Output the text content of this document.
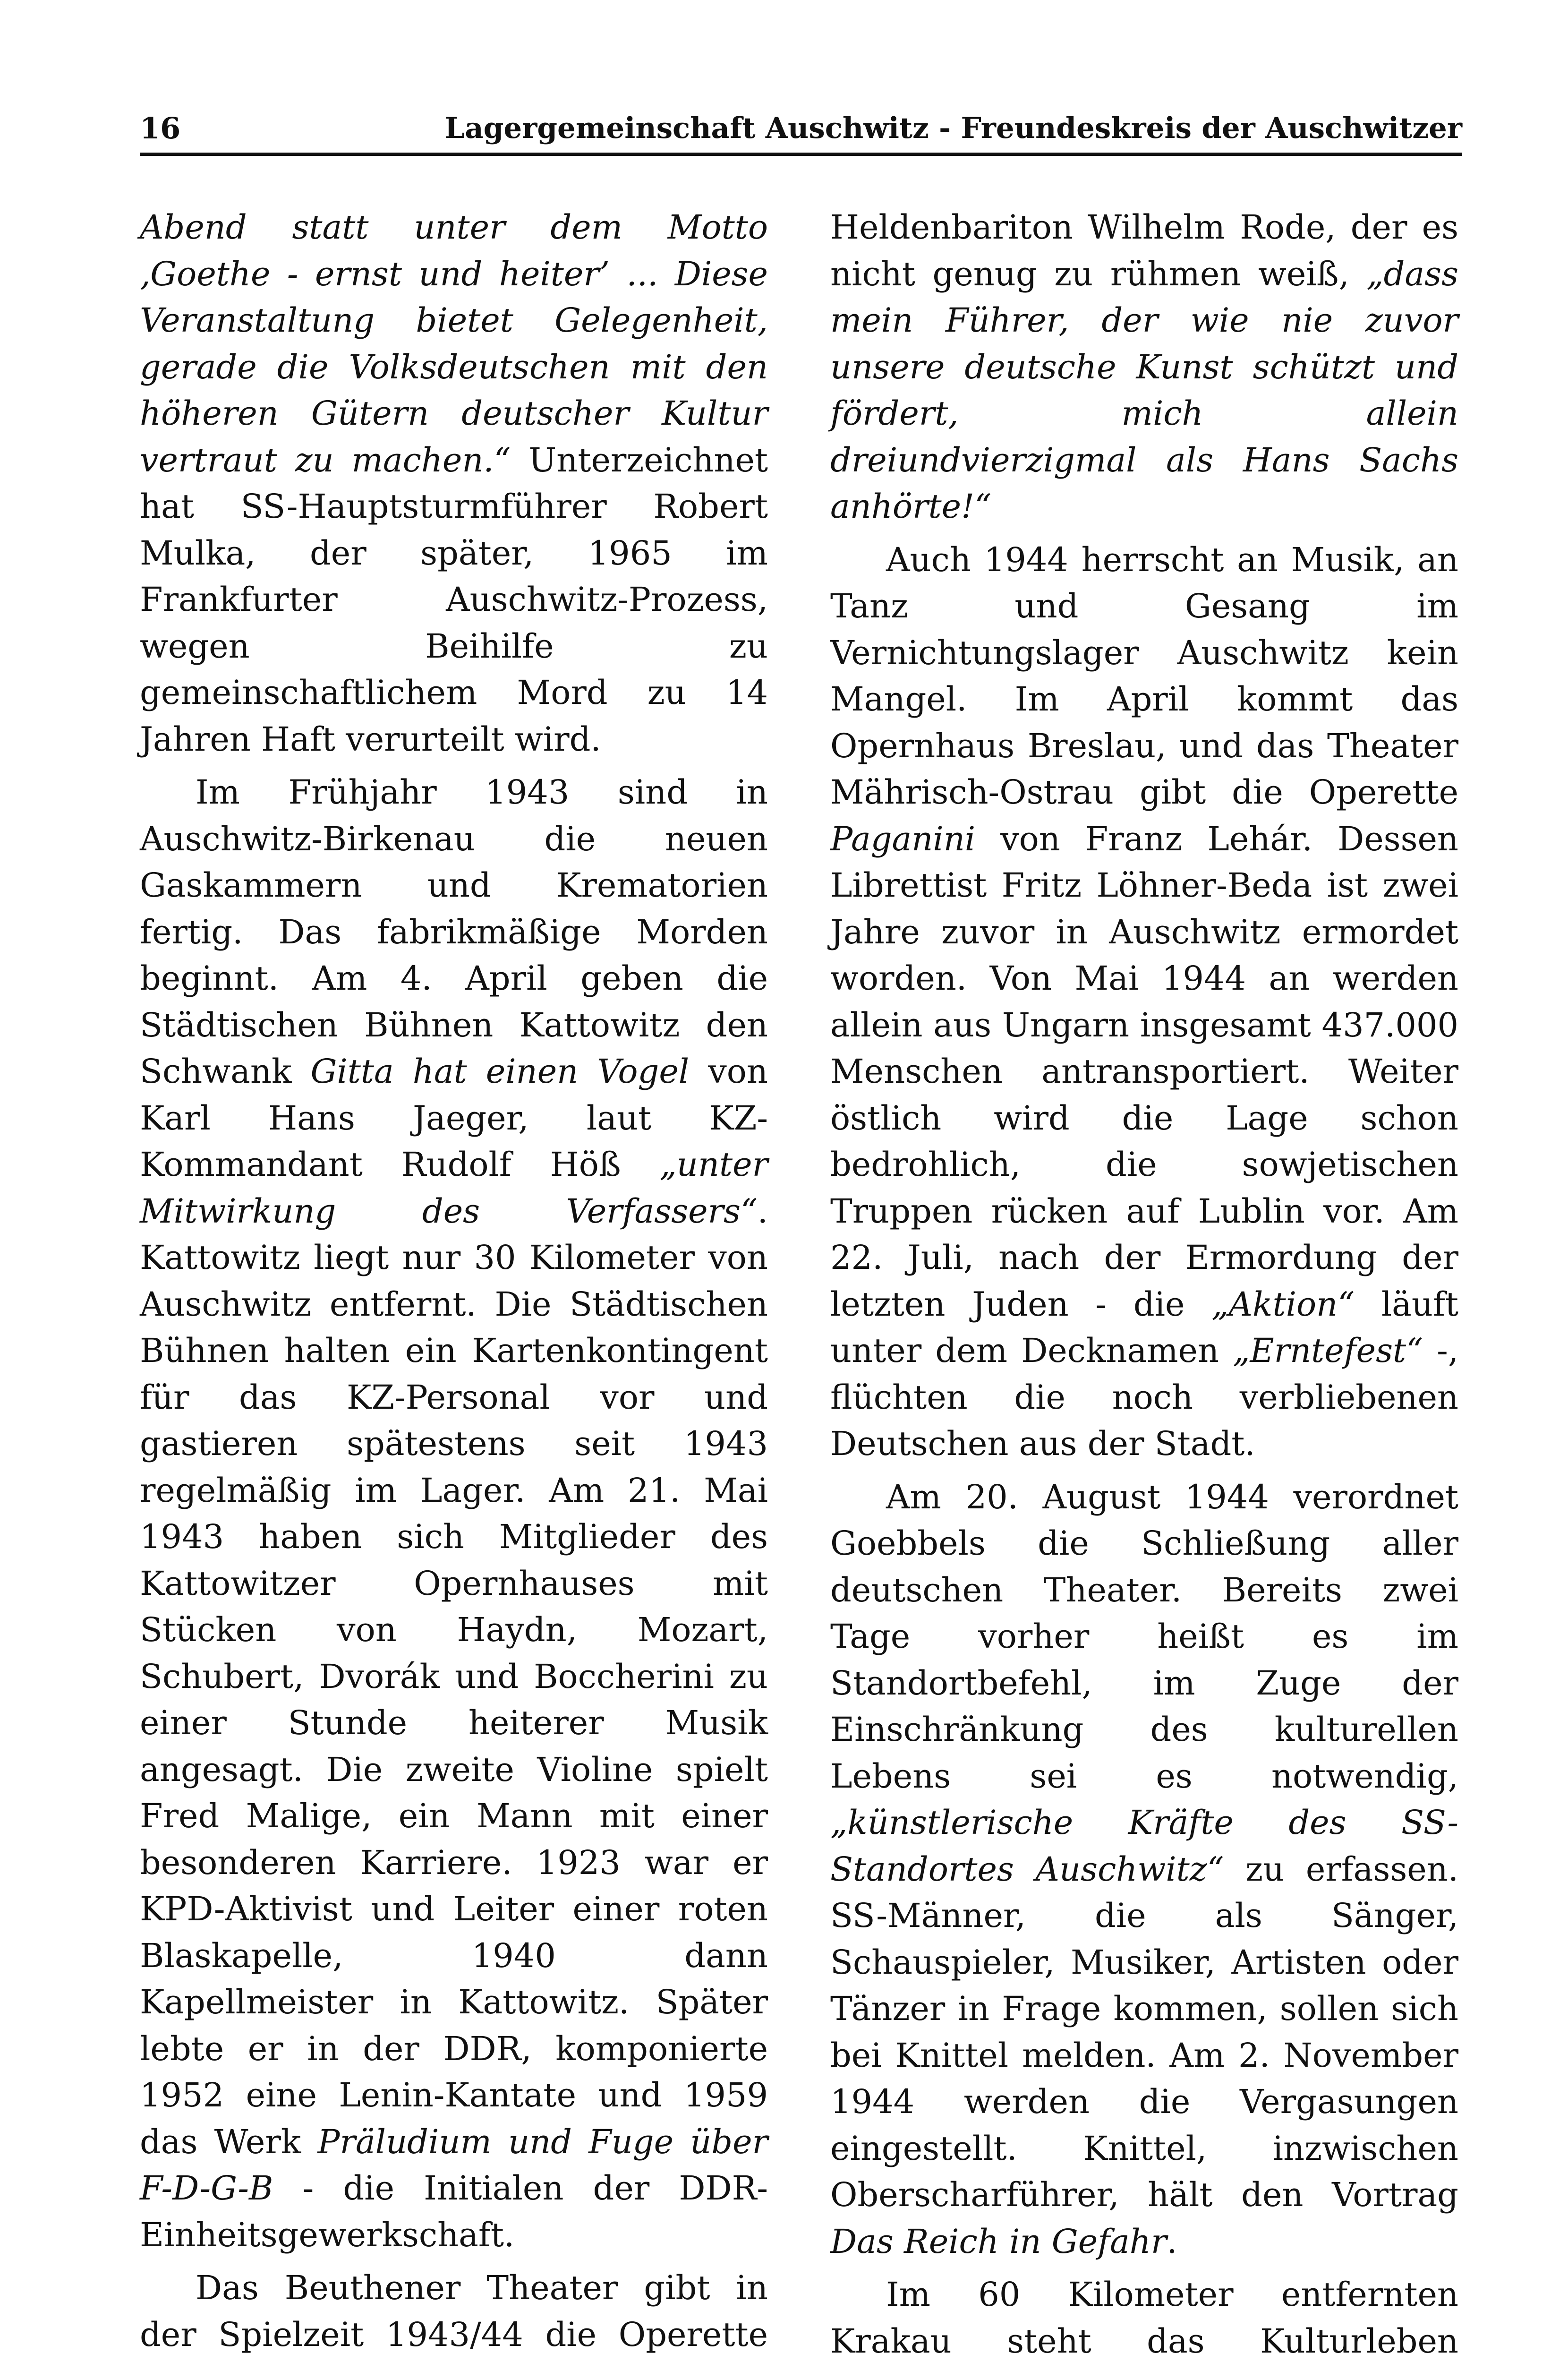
16	Lagergemeinschaft Auschwitz - Freundeskreis der Auschwitzer

Abend statt unter dem Motto ‚Goethe - ernst und heiter’ ... Diese Veranstaltung bietet Gelegenheit, gerade die Volksdeutschen mit den höheren Gütern deutscher Kultur vertraut zu machen.“ Unterzeichnet hat SS-Hauptsturmführer Robert Mulka, der später, 1965 im Frankfurter Auschwitz-Prozess, wegen Beihilfe zu gemeinschaftlichem Mord zu 14 Jahren Haft verurteilt wird.

Im Frühjahr 1943 sind in Auschwitz-Birkenau die neuen Gaskammern und Krematorien fertig. Das fabrikmäßige Morden beginnt. Am 4. April geben die Städtischen Bühnen Kattowitz den Schwank Gitta hat einen Vogel von Karl Hans Jaeger, laut KZ-Kommandant Rudolf Höß „unter Mitwirkung des Verfassers“. Kattowitz liegt nur 30 Kilometer von Auschwitz entfernt. Die Städtischen Bühnen halten ein Kartenkontingent für das KZ-Personal vor und gastieren spätestens seit 1943 regelmäßig im Lager. Am 21. Mai 1943 haben sich Mitglieder des Kattowitzer Opernhauses mit Stücken von Haydn, Mozart, Schubert, Dvorák und Boccherini zu einer Stunde heiterer Musik angesagt. Die zweite Violine spielt Fred Malige, ein Mann mit einer besonderen Karriere. 1923 war er KPD-Aktivist und Leiter einer roten Blaskapelle, 1940 dann Kapellmeister in Kattowitz. Später lebte er in der DDR, komponierte 1952 eine Lenin-Kantate und 1959 das Werk Präludium und Fuge über F-D-G-B - die Initialen der DDR-Einheitsgewerkschaft.

Das Beuthener Theater gibt in der Spielzeit 1943/44 die Operette

Heldenbariton Wilhelm Rode, der es nicht genug zu rühmen weiß, „dass mein Führer, der wie nie zuvor unsere deutsche Kunst schützt und fördert, mich allein dreiundvierzigmal als Hans Sachs anhörte!“

Auch 1944 herrscht an Musik, an Tanz und Gesang im Vernichtungslager Auschwitz kein Mangel. Im April kommt das Opernhaus Breslau, und das Theater Mährisch-Ostrau gibt die Operette Paganini von Franz Lehár. Dessen Librettist Fritz Löhner-Beda ist zwei Jahre zuvor in Auschwitz ermordet worden. Von Mai 1944 an werden allein aus Ungarn insgesamt 437.000 Menschen antransportiert. Weiter östlich wird die Lage schon bedrohlich, die sowjetischen Truppen rücken auf Lublin vor. Am 22. Juli, nach der Ermordung der letzten Juden - die „Aktion“ läuft unter dem Decknamen „Erntefest“ -, flüchten die noch verbliebenen Deutschen aus der Stadt.

Am 20. August 1944 verordnet Goebbels die Schließung aller deutschen Theater. Bereits zwei Tage vorher heißt es im Standortbefehl, im Zuge der Einschränkung des kulturellen Lebens sei es notwendig, „künstlerische Kräfte des SS-Standortes Auschwitz“ zu erfassen. SS-Männer, die als Sänger, Schauspieler, Musiker, Artisten oder Tänzer in Frage kommen, sollen sich bei Knittel melden. Am 2. November 1944 werden die Vergasungen eingestellt. Knittel, inzwischen Oberscharführer, hält den Vortrag Das Reich in Gefahr.

Im 60 Kilometer entfernten Krakau steht das Kulturleben
